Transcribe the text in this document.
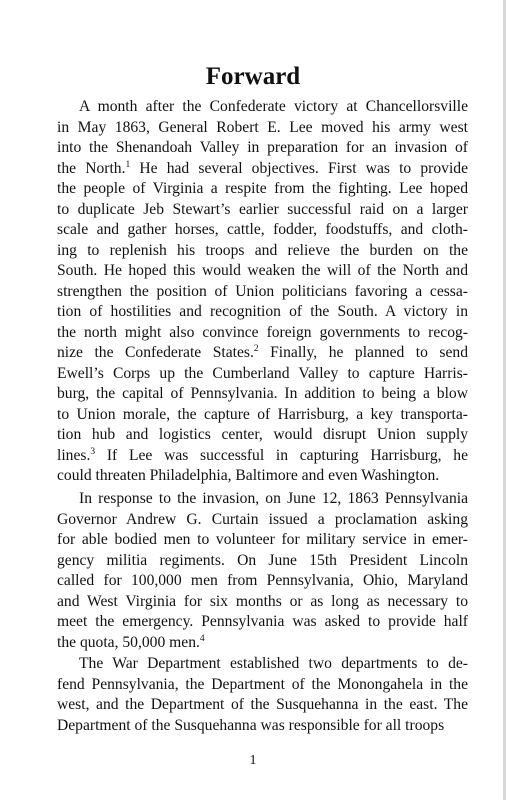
Forward
A month after the Confederate victory at Chancellorsville
in May 1863, General Robert E. Lee moved his army west
into the Shenandoah Valley in preparation for an invasion of
the North.$^1$ He had several objectives. First was to provide
the people of Virginia a respite from the fighting. Lee hoped
to duplicate Jeb Stewart’s earlier successful raid on a larger
scale and gather horses, cattle, fodder, foodstuffs, and cloth-
ing to replenish his troops and relieve the burden on the
South. He hoped this would weaken the will of the North and
strengthen the position of Union politicians favoring a cessa-
tion of hostilities and recognition of the South. A victory in
the north might also convince foreign governments to recog-
nize the Confederate States.$^2$ Finally, he planned to send
Ewell’s Corps up the Cumberland Valley to capture Harris-
burg, the capital of Pennsylvania. In addition to being a blow
to Union morale, the capture of Harrisburg, a key transporta-
tion hub and logistics center, would disrupt Union supply
lines.$^3$ If Lee was successful in capturing Harrisburg, he
could threaten Philadelphia, Baltimore and even Washington.
In response to the invasion, on June 12, 1863 Pennsylvania
Governor Andrew G. Curtain issued a proclamation asking
for able bodied men to volunteer for military service in emer-
gency militia regiments. On June 15th President Lincoln
called for 100,000 men from Pennsylvania, Ohio, Maryland
and West Virginia for six months or as long as necessary to
meet the emergency. Pennsylvania was asked to provide half
the quota, 50,000 men.$^4$
The War Department established two departments to de-
fend Pennsylvania, the Department of the Monongahela in the
west, and the Department of the Susquehanna in the east. The
Department of the Susquehanna was responsible for all troops
1
